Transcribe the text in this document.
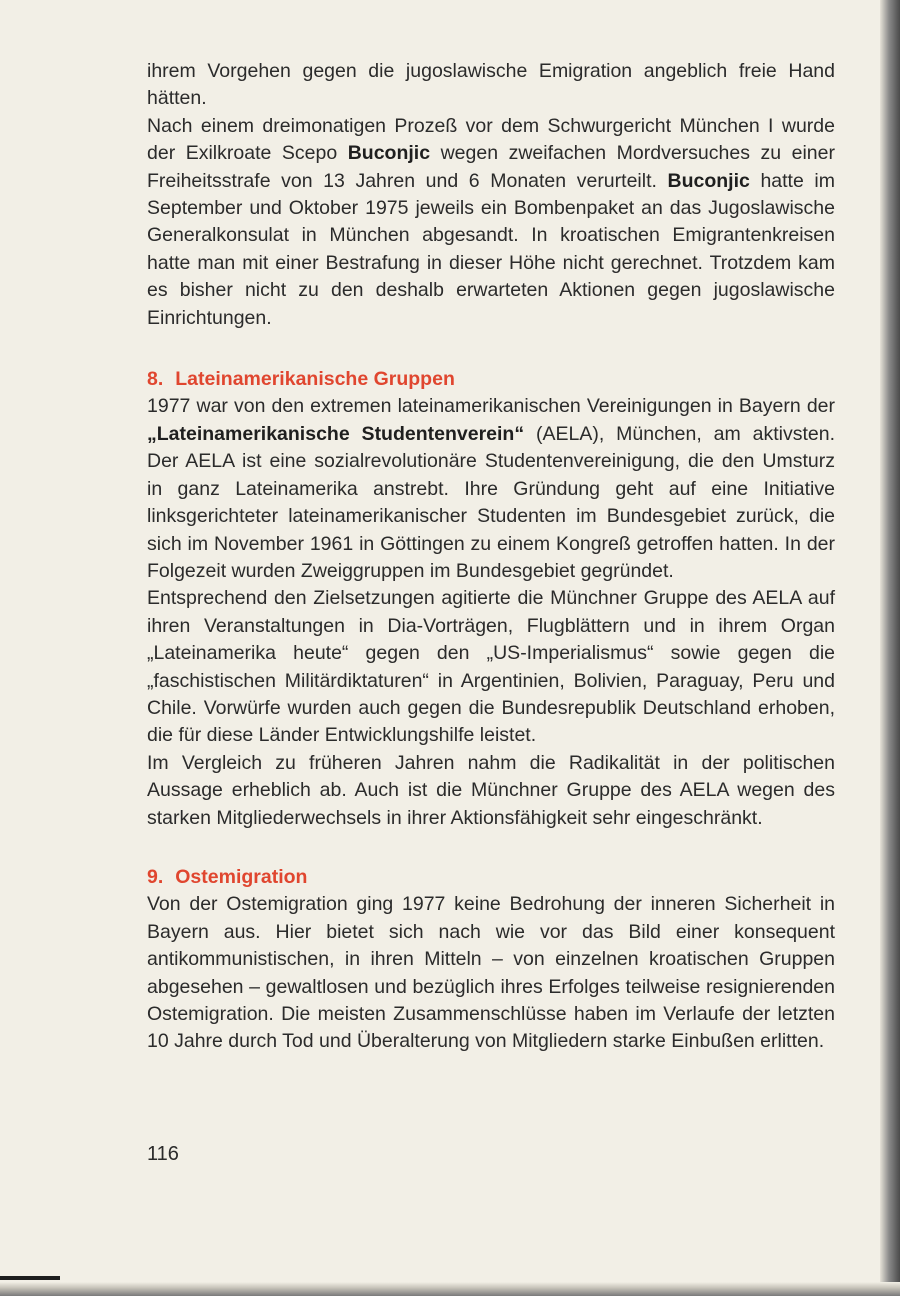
ihrem Vorgehen gegen die jugoslawische Emigration angeblich freie Hand hätten.

Nach einem dreimonatigen Prozeß vor dem Schwurgericht München I wurde der Exilkroate Scepo Buconjic wegen zweifachen Mordversuches zu einer Freiheitsstrafe von 13 Jahren und 6 Monaten verurteilt. Buconjic hatte im September und Oktober 1975 jeweils ein Bombenpaket an das Jugoslawische Generalkonsulat in München abgesandt. In kroatischen Emigrantenkreisen hatte man mit einer Bestrafung in dieser Höhe nicht gerechnet. Trotzdem kam es bisher nicht zu den deshalb erwarteten Aktionen gegen jugoslawische Einrichtungen.

8. Lateinamerikanische Gruppen

1977 war von den extremen lateinamerikanischen Vereinigungen in Bayern der „Lateinamerikanische Studentenverein“ (AELA), München, am aktivsten. Der AELA ist eine sozialrevolutionäre Studentenvereinigung, die den Umsturz in ganz Lateinamerika anstrebt. Ihre Gründung geht auf eine Initiative linksgerichteter lateinamerikanischer Studenten im Bundesgebiet zurück, die sich im November 1961 in Göttingen zu einem Kongreß getroffen hatten. In der Folgezeit wurden Zweiggruppen im Bundesgebiet gegründet.

Entsprechend den Zielsetzungen agitierte die Münchner Gruppe des AELA auf ihren Veranstaltungen in Dia-Vorträgen, Flugblättern und in ihrem Organ „Lateinamerika heute“ gegen den „US-Imperialismus“ sowie gegen die „faschistischen Militärdiktaturen“ in Argentinien, Bolivien, Paraguay, Peru und Chile. Vorwürfe wurden auch gegen die Bundesrepublik Deutschland erhoben, die für diese Länder Entwicklungshilfe leistet.

Im Vergleich zu früheren Jahren nahm die Radikalität in der politischen Aussage erheblich ab. Auch ist die Münchner Gruppe des AELA wegen des starken Mitgliederwechsels in ihrer Aktionsfähigkeit sehr eingeschränkt.

9. Ostemigration

Von der Ostemigration ging 1977 keine Bedrohung der inneren Sicherheit in Bayern aus. Hier bietet sich nach wie vor das Bild einer konsequent antikommunistischen, in ihren Mitteln – von einzelnen kroatischen Gruppen abgesehen – gewaltlosen und bezüglich ihres Erfolges teilweise resignierenden Ostemigration. Die meisten Zusammenschlüsse haben im Verlaufe der letzten 10 Jahre durch Tod und Überalterung von Mitgliedern starke Einbußen erlitten.

116
